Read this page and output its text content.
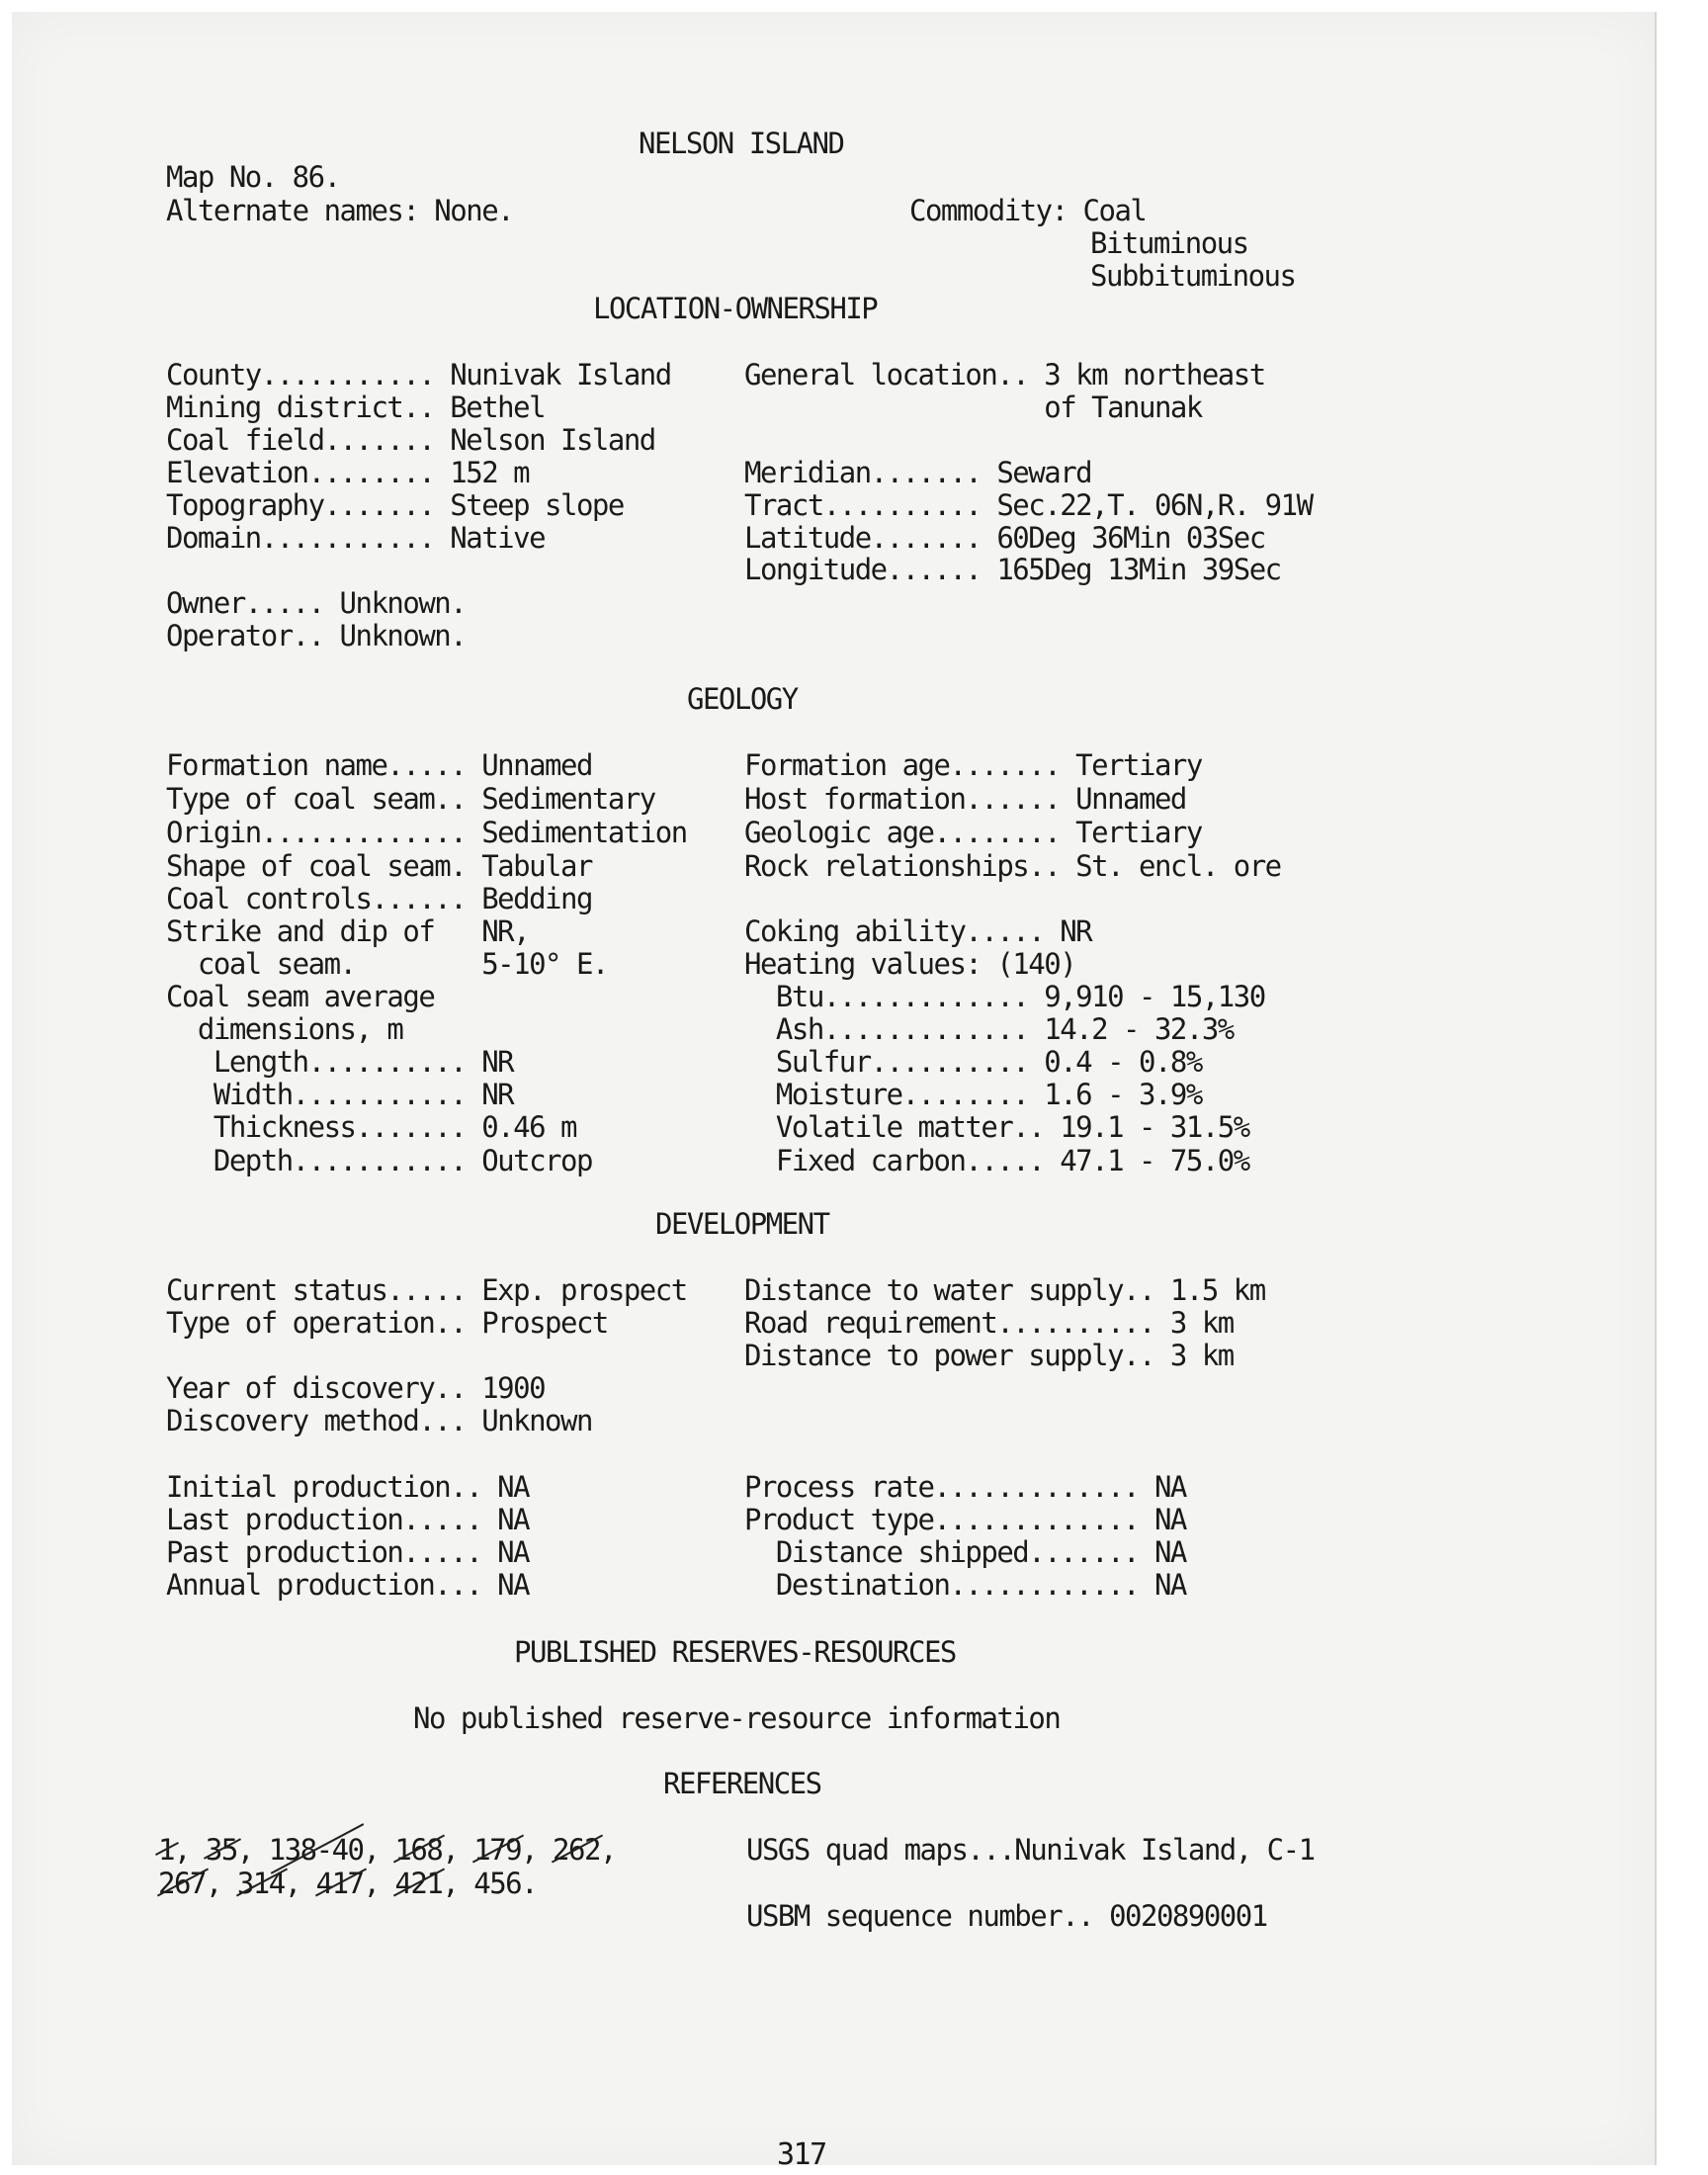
NELSON ISLAND
Map No. 86.
Alternate names: None.	Commodity: Coal
Bituminous
Subbituminous
LOCATION-OWNERSHIP
County........... Nunivak Island
Mining district.. Bethel
Coal field....... Nelson Island
Elevation........ 152 m
Topography....... Steep slope
Domain........... Native
General location.. 3 km northeast
of Tanunak
Meridian....... Seward
Tract.......... Sec.22,T. 06N,R. 91W
Latitude....... 60Deg 36Min 03Sec
Longitude...... 165Deg 13Min 39Sec
Owner..... Unknown.
Operator.. Unknown.
GEOLOGY
Formation name..... Unnamed
Type of coal seam.. Sedimentary
Origin............. Sedimentation
Shape of coal seam. Tabular
Coal controls...... Bedding
Strike and dip of   NR,
coal seam.        5-10° E.
Coal seam average
dimensions, m
Length.......... NR
Width........... NR
Thickness....... 0.46 m
Depth........... Outcrop
Formation age....... Tertiary
Host formation...... Unnamed
Geologic age........ Tertiary
Rock relationships.. St. encl. ore
Coking ability..... NR
Heating values: (140)
Btu............. 9,910 - 15,130
Ash............. 14.2 - 32.3%
Sulfur.......... 0.4 - 0.8%
Moisture........ 1.6 - 3.9%
Volatile matter.. 19.1 - 31.5%
Fixed carbon..... 47.1 - 75.0%
DEVELOPMENT
Current status..... Exp. prospect
Type of operation.. Prospect
Distance to water supply.. 1.5 km
Road requirement.......... 3 km
Distance to power supply.. 3 km
Year of discovery.. 1900
Discovery method... Unknown
Initial production.. NA
Last production..... NA
Past production..... NA
Annual production... NA
Process rate............. NA
Product type............. NA
Distance shipped....... NA
Destination............ NA
PUBLISHED RESERVES-RESOURCES
No published reserve-resource information
REFERENCES
1, 35, 138-40, 168, 179, 262,
267, 314, 417, 421, 456.
USGS quad maps...Nunivak Island, C-1
USBM sequence number.. 0020890001
317
